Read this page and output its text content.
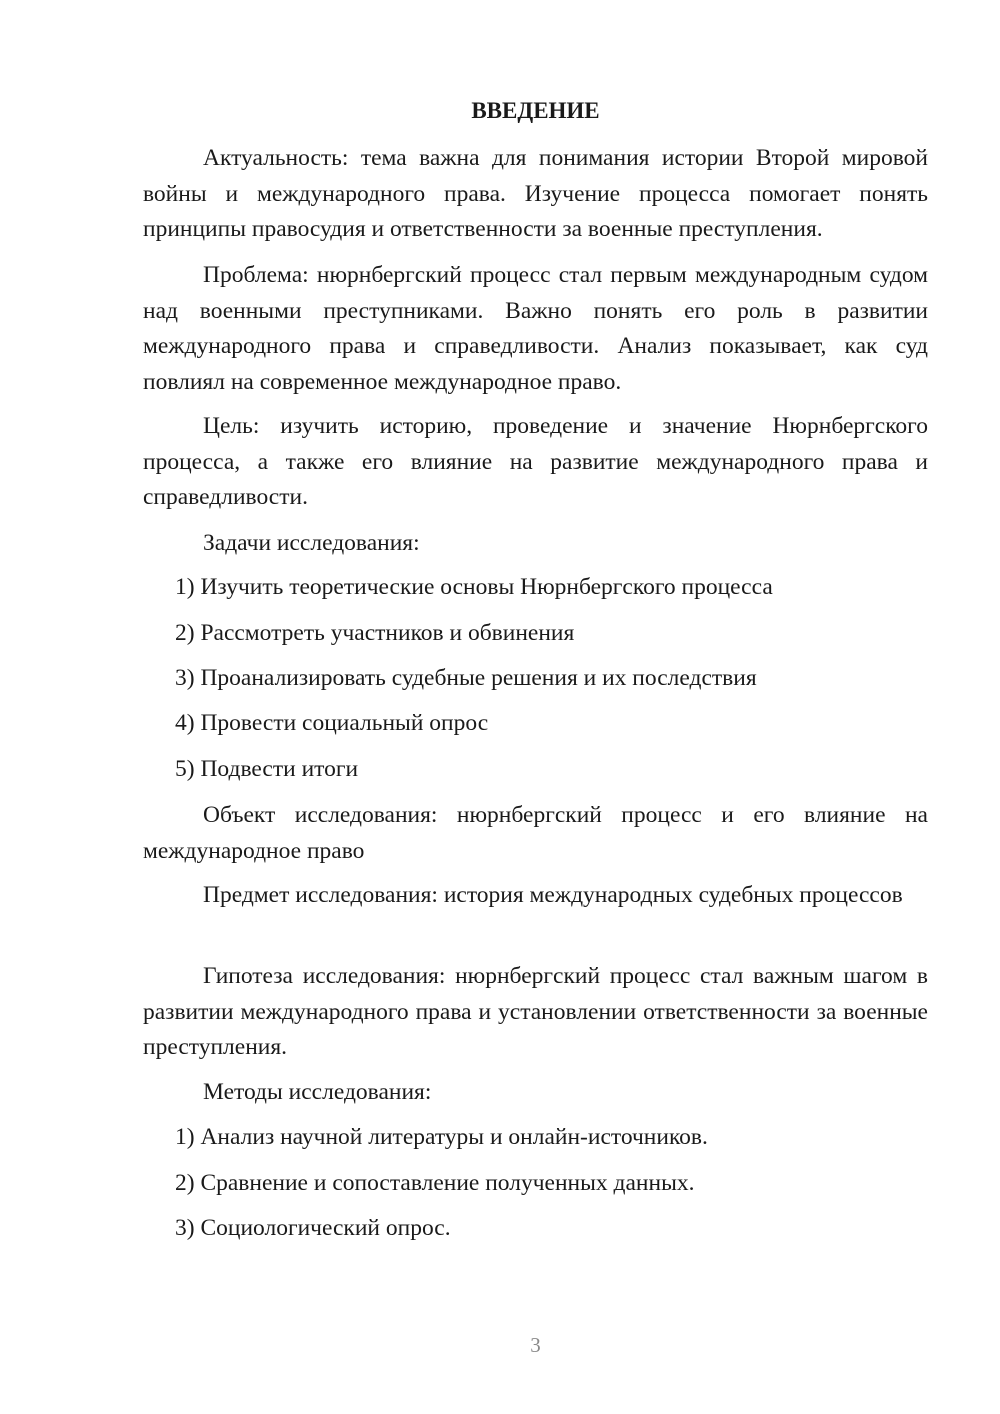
ВВЕДЕНИЕ

Актуальность: тема важна для понимания истории Второй мировой войны и международного права. Изучение процесса помогает понять принципы правосудия и ответственности за военные преступления.

Проблема: нюрнбергский процесс стал первым международным судом над военными преступниками. Важно понять его роль в развитии международного права и справедливости. Анализ показывает, как суд повлиял на современное международное право.

Цель: изучить историю, проведение и значение Нюрнбергского процесса, а также его влияние на развитие международного права и справедливости.

Задачи исследования:

1) Изучить теоретические основы Нюрнбергского процесса

2) Рассмотреть участников и обвинения

3) Проанализировать судебные решения и их последствия

4) Провести социальный опрос

5) Подвести итоги

Объект исследования: нюрнбергский процесс и его влияние на международное право

Предмет исследования: история международных судебных процессов

Гипотеза исследования: нюрнбергский процесс стал важным шагом в развитии международного права и установлении ответственности за военные преступления.

Методы исследования:

1) Анализ научной литературы и онлайн-источников.

2) Сравнение и сопоставление полученных данных.

3) Социологический опрос.

3
